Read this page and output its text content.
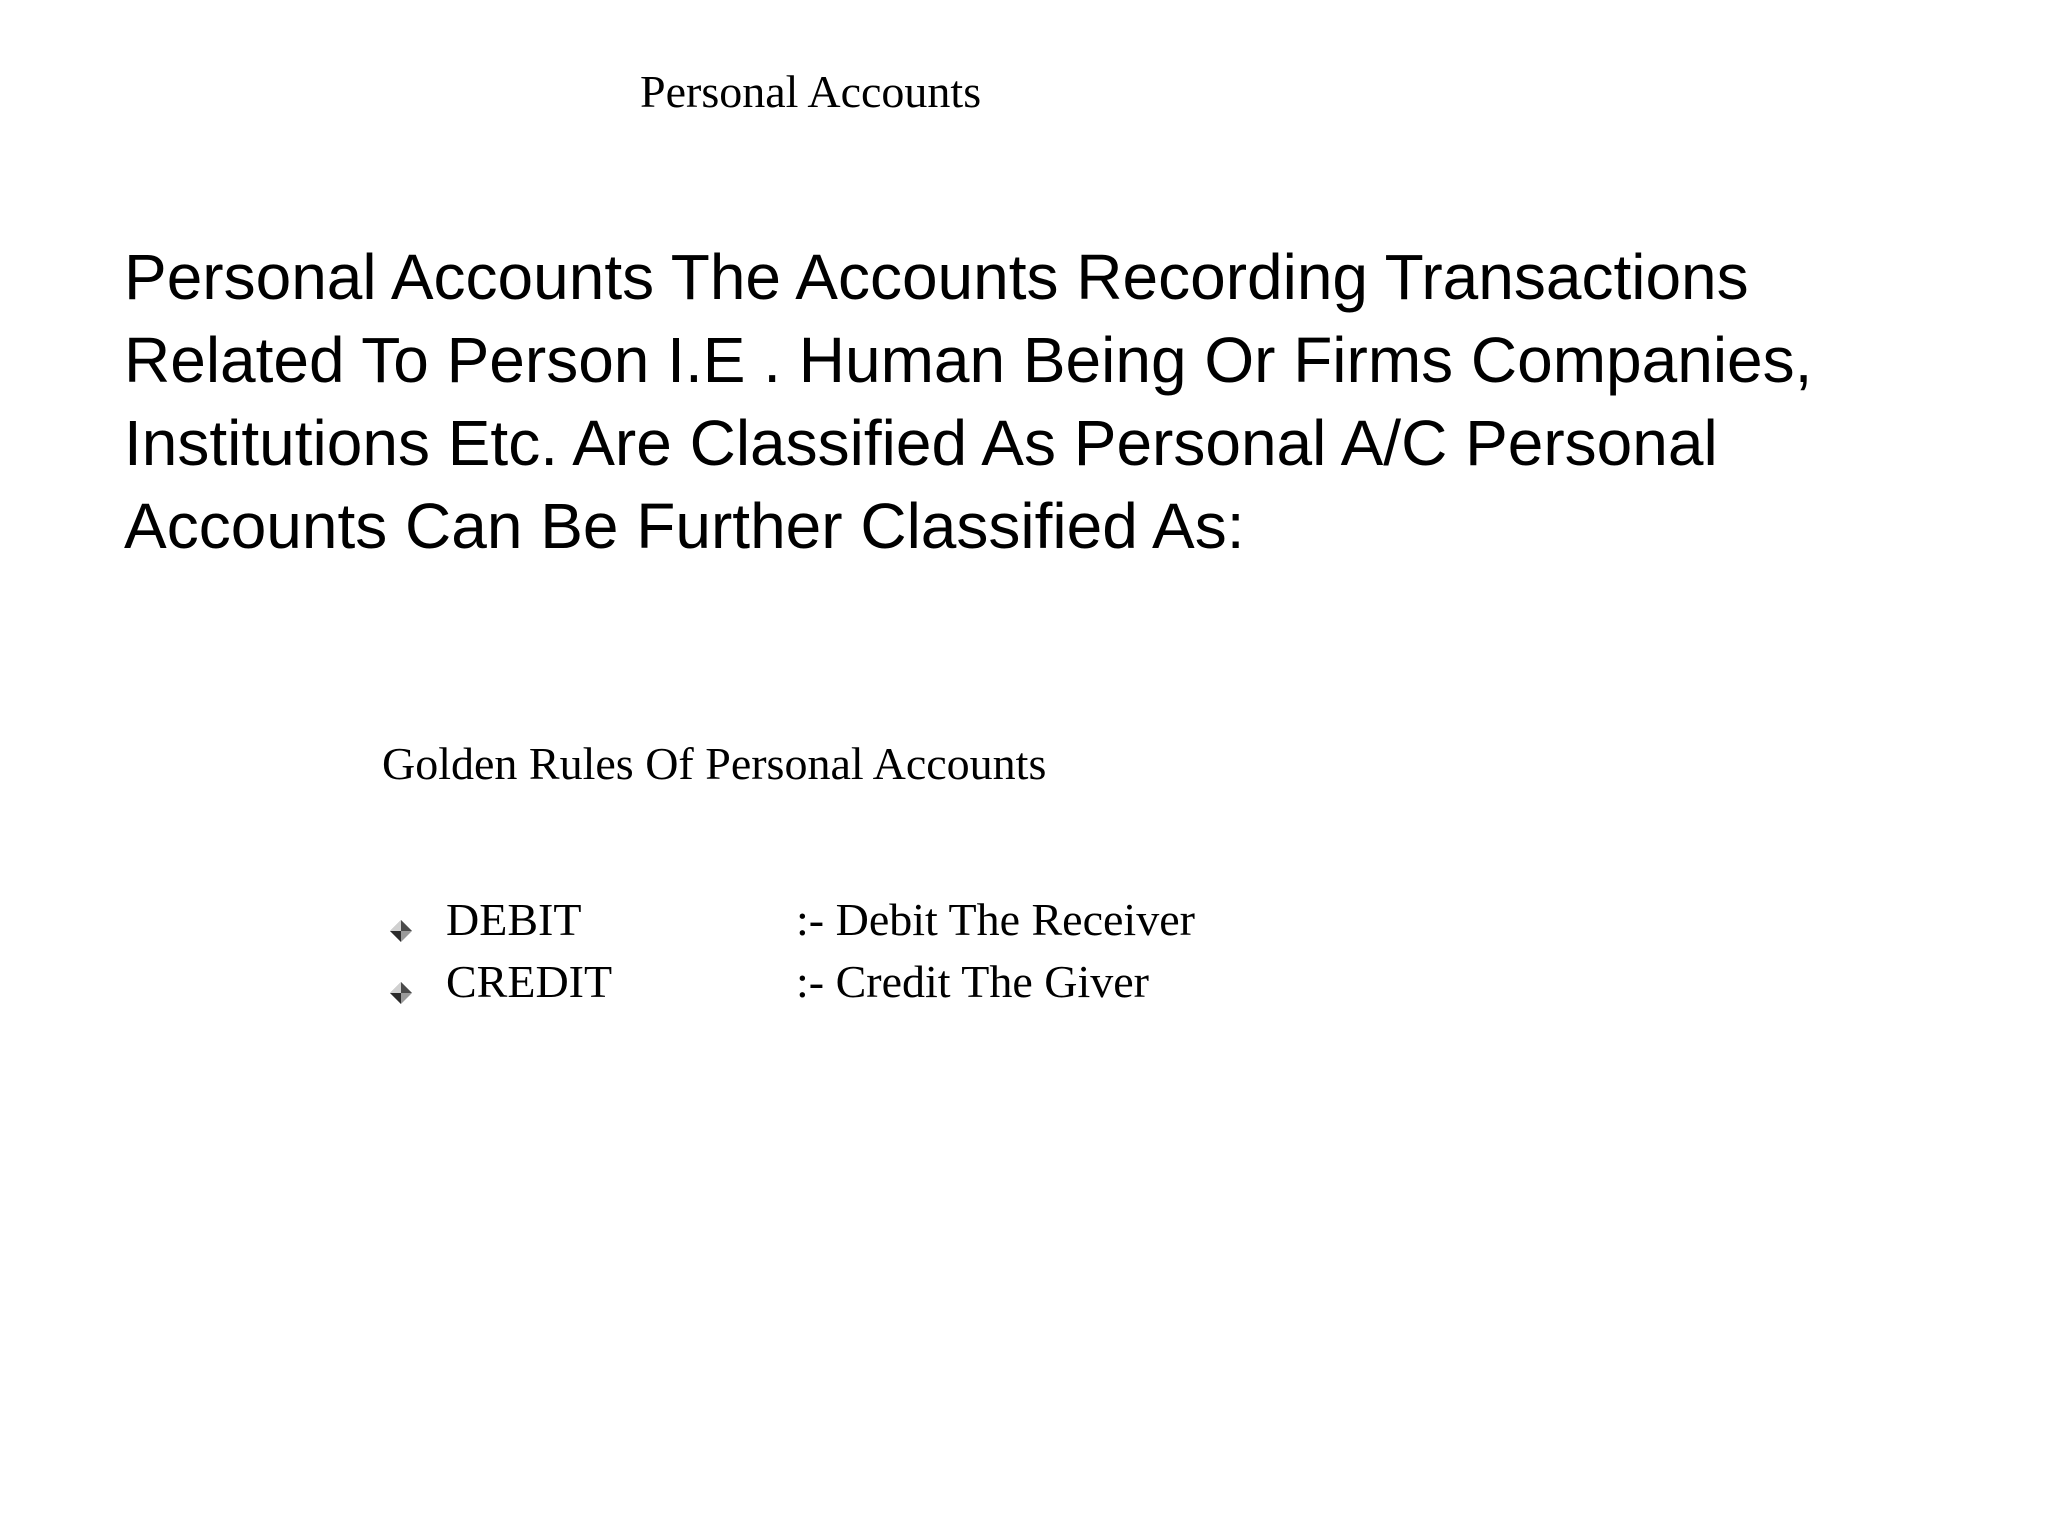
Personal Accounts
Personal Accounts The Accounts Recording Transactions
Related To Person I.E . Human Being Or Firms Companies,
Institutions Etc. Are Classified As Personal A/C Personal
Accounts Can Be Further Classified As:
Golden Rules Of Personal Accounts
DEBIT	:- Debit The Receiver
CREDIT	:- Credit The Giver
